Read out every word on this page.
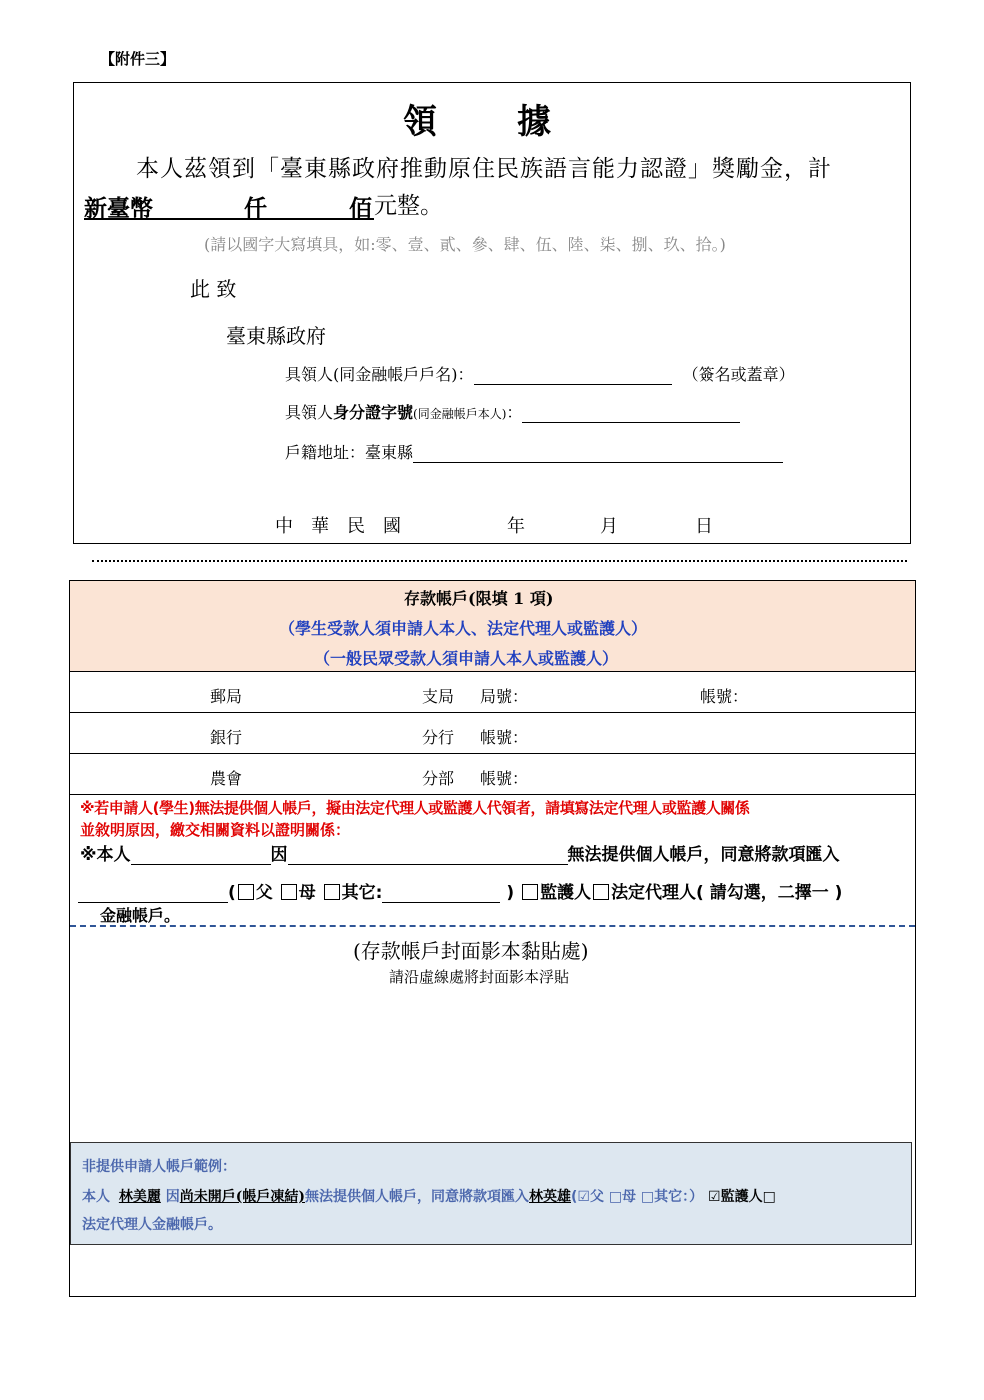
【附件三】
領　　據
本人茲領到「臺東縣政府推動原住民族語言能力認證」獎勵金，計
新臺幣	仟	佰 元整。
(請以國字大寫填具，如:零、壹、貳、參、肆、伍、陸、柒、捌、玖、拾。)
此 致
臺東縣政府
具領人(同金融帳戶戶名)：	（簽名或蓋章）
具領人身分證字號(同金融帳戶本人)：
戶籍地址：臺東縣
中　華　民　國	年	月	日
存款帳戶(限填 1 項)
（學生受款人須申請人本人、法定代理人或監護人）
（一般民眾受款人須申請人本人或監護人）
郵局	支局 局號：	帳號：
銀行	分行 帳號：
農會	分部 帳號：
※若申請人(學生)無法提供個人帳戶，擬由法定代理人或監護人代領者，請填寫法定代理人或監護人關係
並敘明原因，繳交相關資料以證明關係：
※本人	因	無法提供個人帳戶，同意將款項匯入
( 父 母 其它:	) 監護人 法定代理人( 請勾選，二擇一 )
金融帳戶。
(存款帳戶封面影本黏貼處)
請沿虛線處將封面影本浮貼
非提供申請人帳戶範例：
本人 林美麗 因尚未開戶(帳戶凍結)無法提供個人帳戶，同意將款項匯入林英雄(☑父 □母 □其它：） ☑監護人□
法定代理人金融帳戶。
